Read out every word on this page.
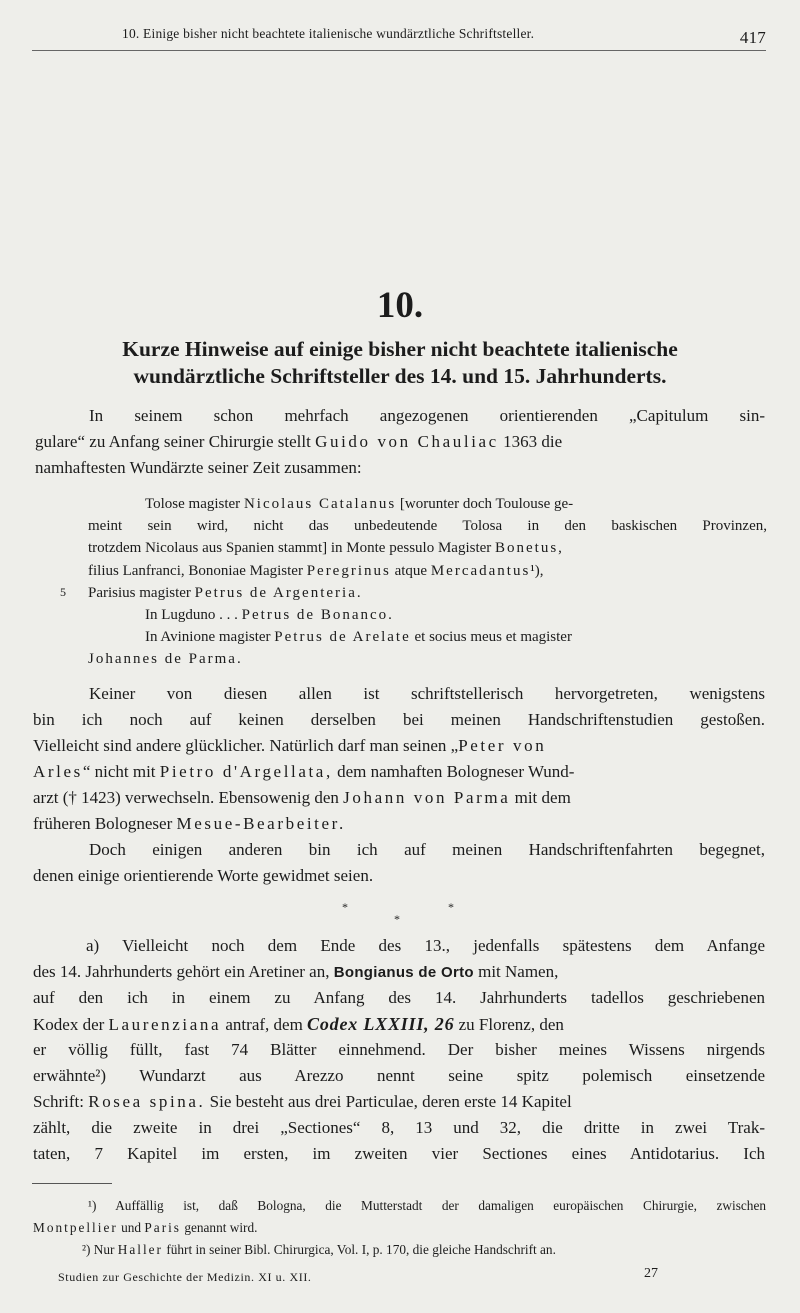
10. Einige bisher nicht beachtete italienische wundärztliche Schriftsteller.	417
10.
Kurze Hinweise auf einige bisher nicht beachtete italienische
wundärztliche Schriftsteller des 14. und 15. Jahrhunderts.
In seinem schon mehrfach angezogenen orientierenden „Capitulum sin-
gulare“ zu Anfang seiner Chirurgie stellt Guido von Chauliac 1363 die
namhaftesten Wundärzte seiner Zeit zusammen:
Tolose magister Nicolaus Catalanus [worunter doch Toulouse ge-
meint sein wird, nicht das unbedeutende Tolosa in den baskischen Provinzen,
trotzdem Nicolaus aus Spanien stammt] in Monte pessulo Magister Bonetus,
filius Lanfranci, Bononiae Magister Peregrinus atque Mercadantus¹),
5 Parisius magister Petrus de Argenteria.
In Lugduno . . . Petrus de Bonanco.
In Avinione magister Petrus de Arelate et socius meus et magister
Johannes de Parma.
Keiner von diesen allen ist schriftstellerisch hervorgetreten, wenigstens
bin ich noch auf keinen derselben bei meinen Handschriftenstudien gestoßen.
Vielleicht sind andere glücklicher. Natürlich darf man seinen „Peter von
Arles“ nicht mit Pietro d'Argellata, dem namhaften Bologneser Wund-
arzt († 1423) verwechseln. Ebensowenig den Johann von Parma mit dem
früheren Bologneser Mesue-Bearbeiter.
Doch einigen anderen bin ich auf meinen Handschriftenfahrten begegnet,
denen einige orientierende Worte gewidmet seien.
*	*
*
a) Vielleicht noch dem Ende des 13., jedenfalls spätestens dem Anfange
des 14. Jahrhunderts gehört ein Aretiner an, Bongianus de Orto mit Namen,
auf den ich in einem zu Anfang des 14. Jahrhunderts tadellos geschriebenen
Kodex der Laurenziana antraf, dem Codex LXXIII, 26 zu Florenz, den
er völlig füllt, fast 74 Blätter einnehmend. Der bisher meines Wissens nirgends
erwähnte²) Wundarzt aus Arezzo nennt seine spitz polemisch einsetzende
Schrift: Rosea spina. Sie besteht aus drei Particulae, deren erste 14 Kapitel
zählt, die zweite in drei „Sectiones“ 8, 13 und 32, die dritte in zwei Trak-
taten, 7 Kapitel im ersten, im zweiten vier Sectiones eines Antidotarius. Ich
¹) Auffällig ist, daß Bologna, die Mutterstadt der damaligen europäischen Chirurgie, zwischen
Montpellier und Paris genannt wird.
²) Nur Haller führt in seiner Bibl. Chirurgica, Vol. I, p. 170, die gleiche Handschrift an.
Studien zur Geschichte der Medizin. XI u. XII.	27
